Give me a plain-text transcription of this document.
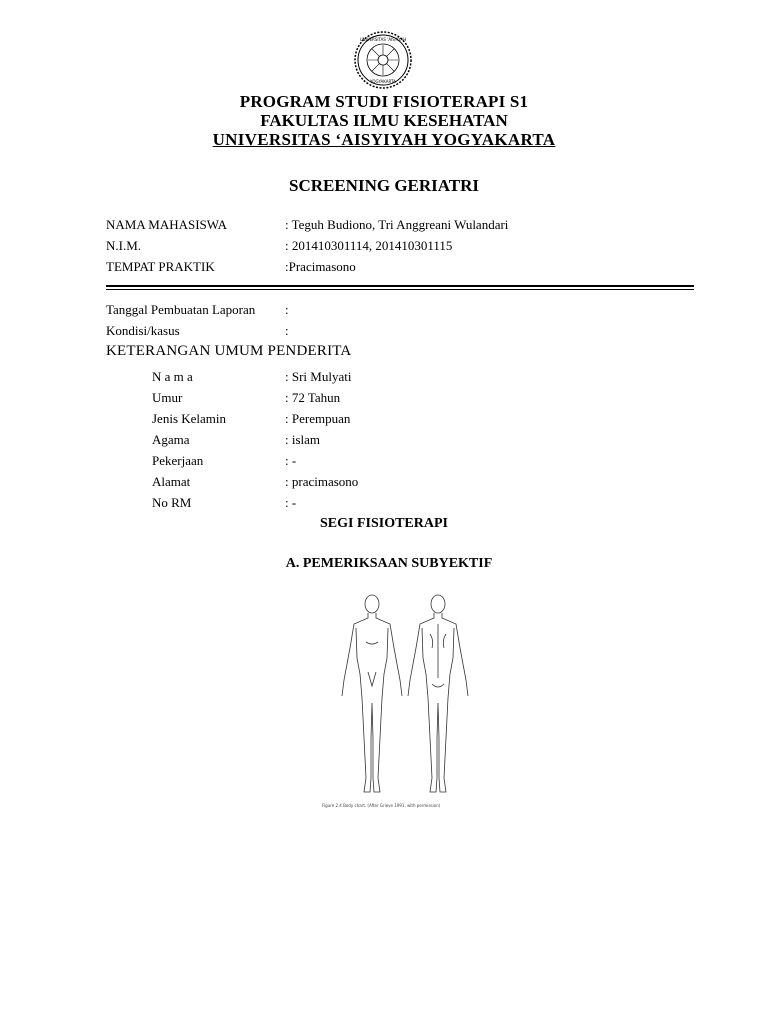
UNIVERSITAS 'AISYIYAH
YOGYAKARTA
PROGRAM STUDI FISIOTERAPI S1
FAKULTAS ILMU KESEHATAN
UNIVERSITAS ‘AISYIYAH YOGYAKARTA
SCREENING GERIATRI
NAMA MAHASISWA	: Teguh Budiono, Tri Anggreani Wulandari
N.I.M.	: 201410301114, 201410301115
TEMPAT PRAKTIK	:Pracimasono
Tanggal Pembuatan Laporan :
Kondisi/kasus	:
KETERANGAN UMUM PENDERITA
N a m a	: Sri Mulyati
Umur	: 72 Tahun
Jenis Kelamin	: Perempuan
Agama	: islam
Pekerjaan	: -
Alamat	: pracimasono
No RM	: -
SEGI FISIOTERAPI
A. PEMERIKSAAN SUBYEKTIF
Figure 2.4 Body chart. (After Grieve 1991, with permission)
